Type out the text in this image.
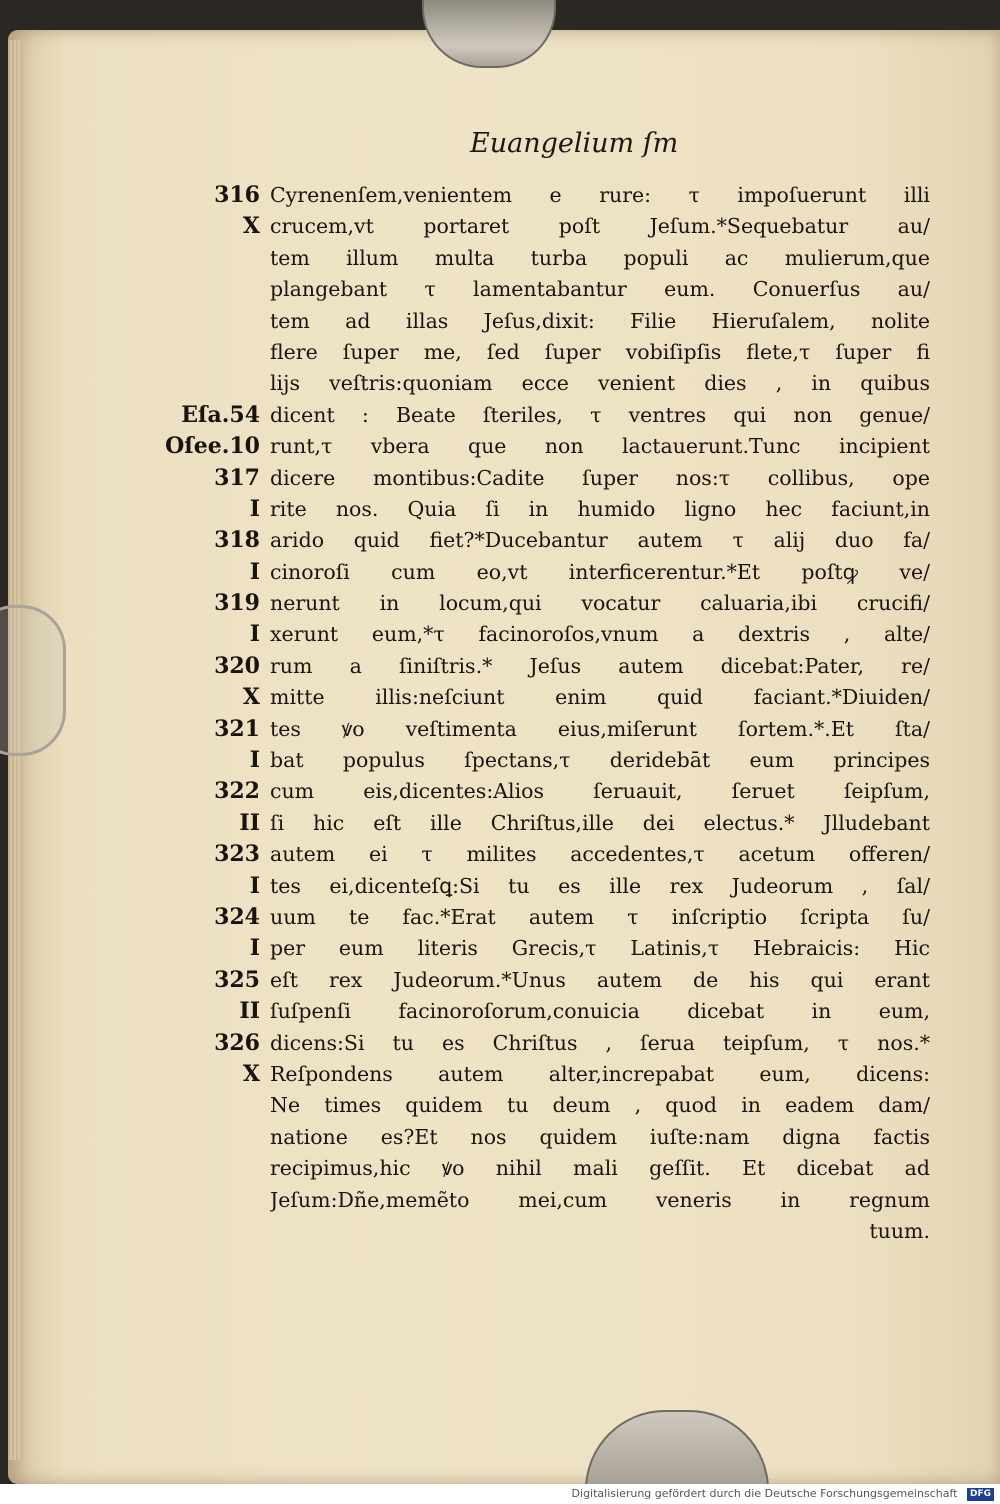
Euangelium ſm
316 Cyrenenſem,venientem e rure: τ impoſuerunt illi
X crucem,vt portaret poſt Jeſum.*Sequebatur au/
tem illum multa turba populi ac mulierum,que
plangebant τ lamentabantur eum. Conuerſus au/
tem ad illas Jeſus,dixit: Filie Hieruſalem, nolite
flere ſuper me, ſed ſuper vobiſipſis flete,τ ſuper fi
lijs veſtris:quoniam ecce venient dies , in quibus
Eſa.54 dicent : Beate ſteriles, τ ventres qui non genue/
Oſee.10 runt,τ vbera que non lactauerunt.Tunc incipient
317 dicere montibus:Cadite ſuper nos:τ collibus, ope
I rite nos. Quia ſi in humido ligno hec faciunt,in
318 arido quid fiet?*Ducebantur autem τ alij duo fa/
I cinoroſi cum eo,vt interficerentur.*Et poſtꝙ ve/
319 nerunt in locum,qui vocatur caluaria,ibi crucifi/
I xerunt eum,*τ facinoroſos,vnum a dextris , alte/
320 rum a ſiniſtris.* Jeſus autem dicebat:Pater, re/
X mitte illis:neſciunt enim quid faciant.*Diuiden/
321 tes ꝟo veſtimenta eius,miſerunt ſortem.*.Et ſta/
I bat populus ſpectans,τ deridebāt eum principes
322 cum eis,dicentes:Alios ſeruauit, ſeruet ſeipſum,
II ſi hic eſt ille Chriſtus,ille dei electus.* Jlludebant
323 autem ei τ milites accedentes,τ acetum offeren/
I tes ei,dicenteſꝗ:Si tu es ille rex Judeorum , ſal/
324 uum te fac.*Erat autem τ inſcriptio ſcripta ſu/
I per eum literis Grecis,τ Latinis,τ Hebraicis: Hic
325 eſt rex Judeorum.*Unus autem de his qui erant
II ſuſpenſi facinoroſorum,conuicia dicebat in eum,
326 dicens:Si tu es Chriſtus , ſerua teipſum, τ nos.*
X Reſpondens autem alter,increpabat eum, dicens:
Ne times quidem tu deum , quod in eadem dam/
natione es?Et nos quidem iuſte:nam digna factis
recipimus,hic ꝟo nihil mali geſſit. Et dicebat ad
Jeſum:Dñe,memẽto mei,cum veneris in regnum
tuum.
Digitalisierung gefördert durch die Deutsche Forschungsgemeinschaft DFG
